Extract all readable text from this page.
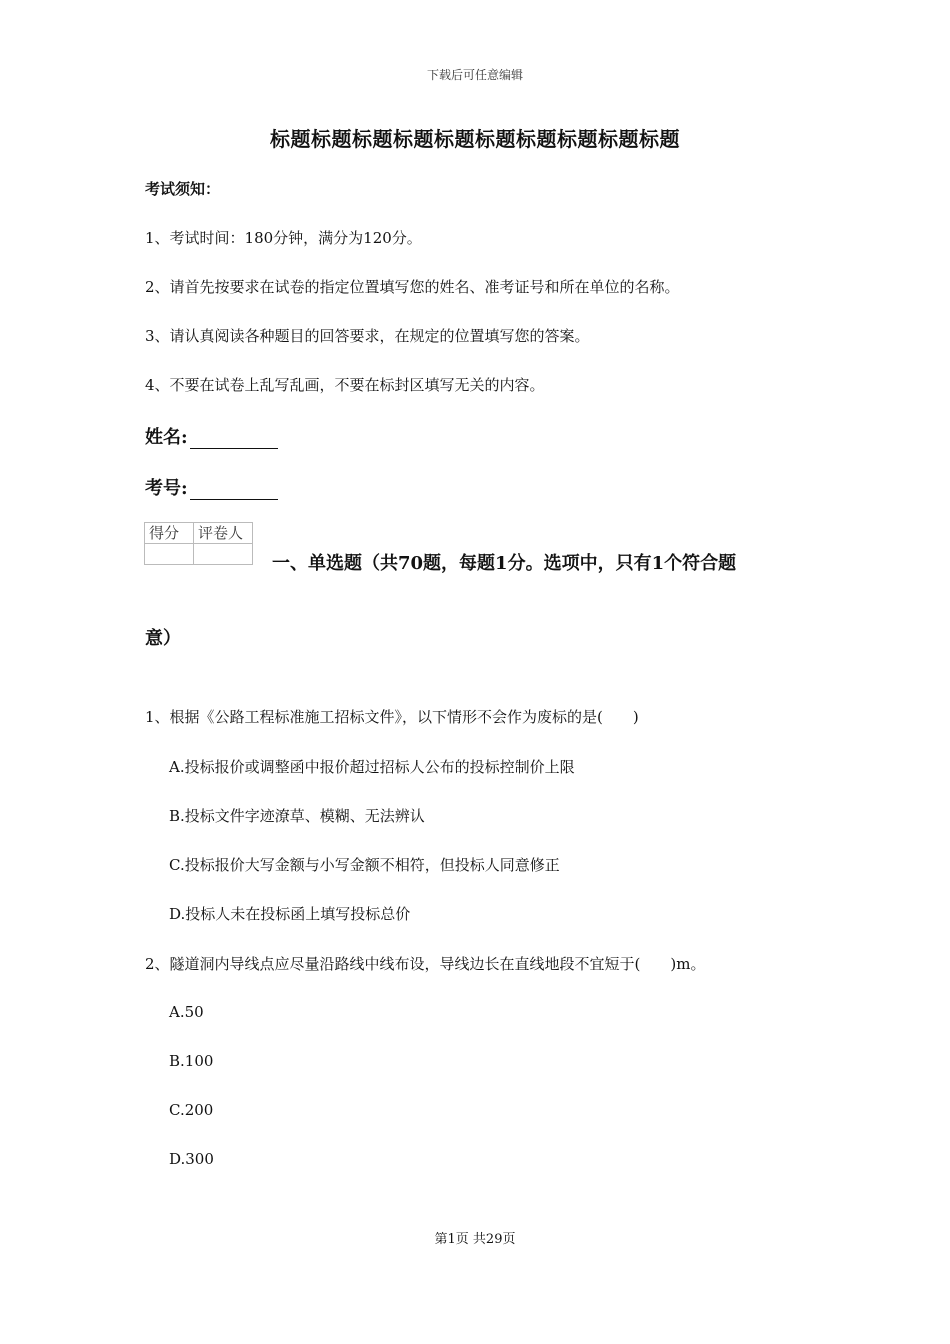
下载后可任意编辑
标题标题标题标题标题标题标题标题标题标题
考试须知：
1、考试时间：180分钟，满分为120分。
2、请首先按要求在试卷的指定位置填写您的姓名、准考证号和所在单位的名称。
3、请认真阅读各种题目的回答要求，在规定的位置填写您的答案。
4、不要在试卷上乱写乱画，不要在标封区填写无关的内容。
姓名:
考号:
得分	评卷人

一、单选题（共70题，每题1分。选项中，只有1个符合题
意）
1、根据《公路工程标准施工招标文件》，以下情形不会作为废标的是(　　)
A.投标报价或调整函中报价超过招标人公布的投标控制价上限
B.投标文件字迹潦草、模糊、无法辨认
C.投标报价大写金额与小写金额不相符，但投标人同意修正
D.投标人未在投标函上填写投标总价
2、隧道洞内导线点应尽量沿路线中线布设，导线边长在直线地段不宜短于(　　)m。
A.50
B.100
C.200
D.300
第1页 共29页
